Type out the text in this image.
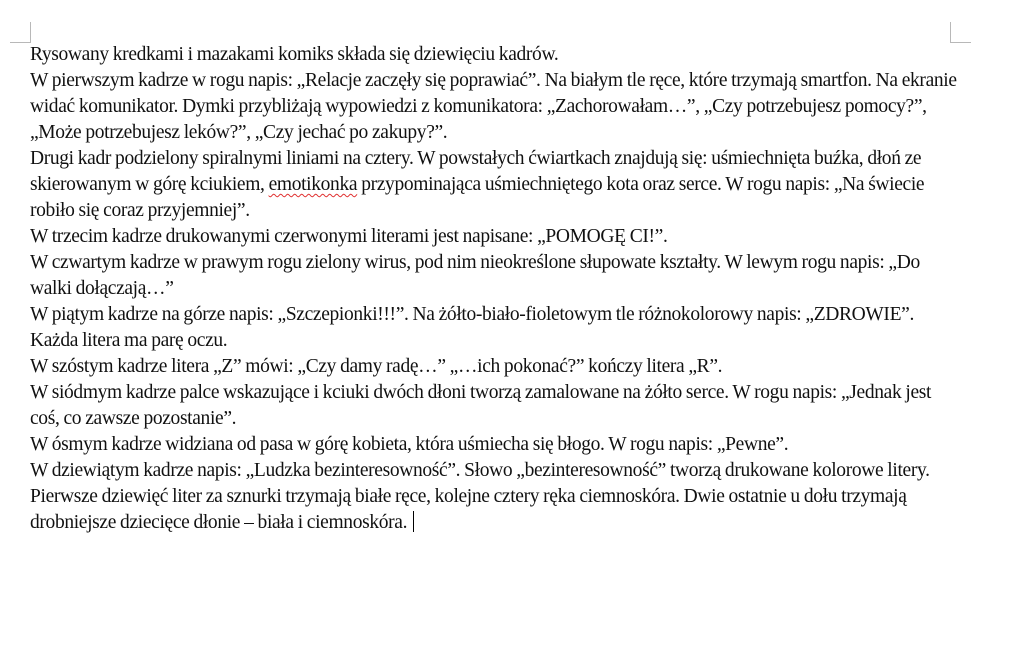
Rysowany kredkami i mazakami komiks składa się dziewięciu kadrów.

W pierwszym kadrze w rogu napis: „Relacje zaczęły się poprawiać”. Na białym tle ręce, które trzymają smartfon. Na ekranie widać komunikator. Dymki przybliżają wypowiedzi z komunikatora: „Zachorowałam…”, „Czy potrzebujesz pomocy?”, „Może potrzebujesz leków?”, „Czy jechać po zakupy?”.

Drugi kadr podzielony spiralnymi liniami na cztery. W powstałych ćwiartkach znajdują się: uśmiechnięta buźka, dłoń ze skierowanym w górę kciukiem, emotikonka przypominająca uśmiechniętego kota oraz serce. W rogu napis: „Na świecie robiło się coraz przyjemniej”.

W trzecim kadrze drukowanymi czerwonymi literami jest napisane: „POMOGĘ CI!”.

W czwartym kadrze w prawym rogu zielony wirus, pod nim nieokreślone słupowate kształty. W lewym rogu napis: „Do walki dołączają…”

W piątym kadrze na górze napis: „Szczepionki!!!”. Na żółto-biało-fioletowym tle różnokolorowy napis: „ZDROWIE”. Każda litera ma parę oczu.

W szóstym kadrze litera „Z” mówi: „Czy damy radę…” „…ich pokonać?” kończy litera „R”.

W siódmym kadrze palce wskazujące i kciuki dwóch dłoni tworzą zamalowane na żółto serce. W rogu napis: „Jednak jest coś, co zawsze pozostanie”.

W ósmym kadrze widziana od pasa w górę kobieta, która uśmiecha się błogo. W rogu napis: „Pewne”.

W dziewiątym kadrze napis: „Ludzka bezinteresowność”. Słowo „bezinteresowność” tworzą drukowane kolorowe litery. Pierwsze dziewięć liter za sznurki trzymają białe ręce, kolejne cztery ręka ciemnoskóra. Dwie ostatnie u dołu trzymają drobniejsze dziecięce dłonie – biała i ciemnoskóra.
